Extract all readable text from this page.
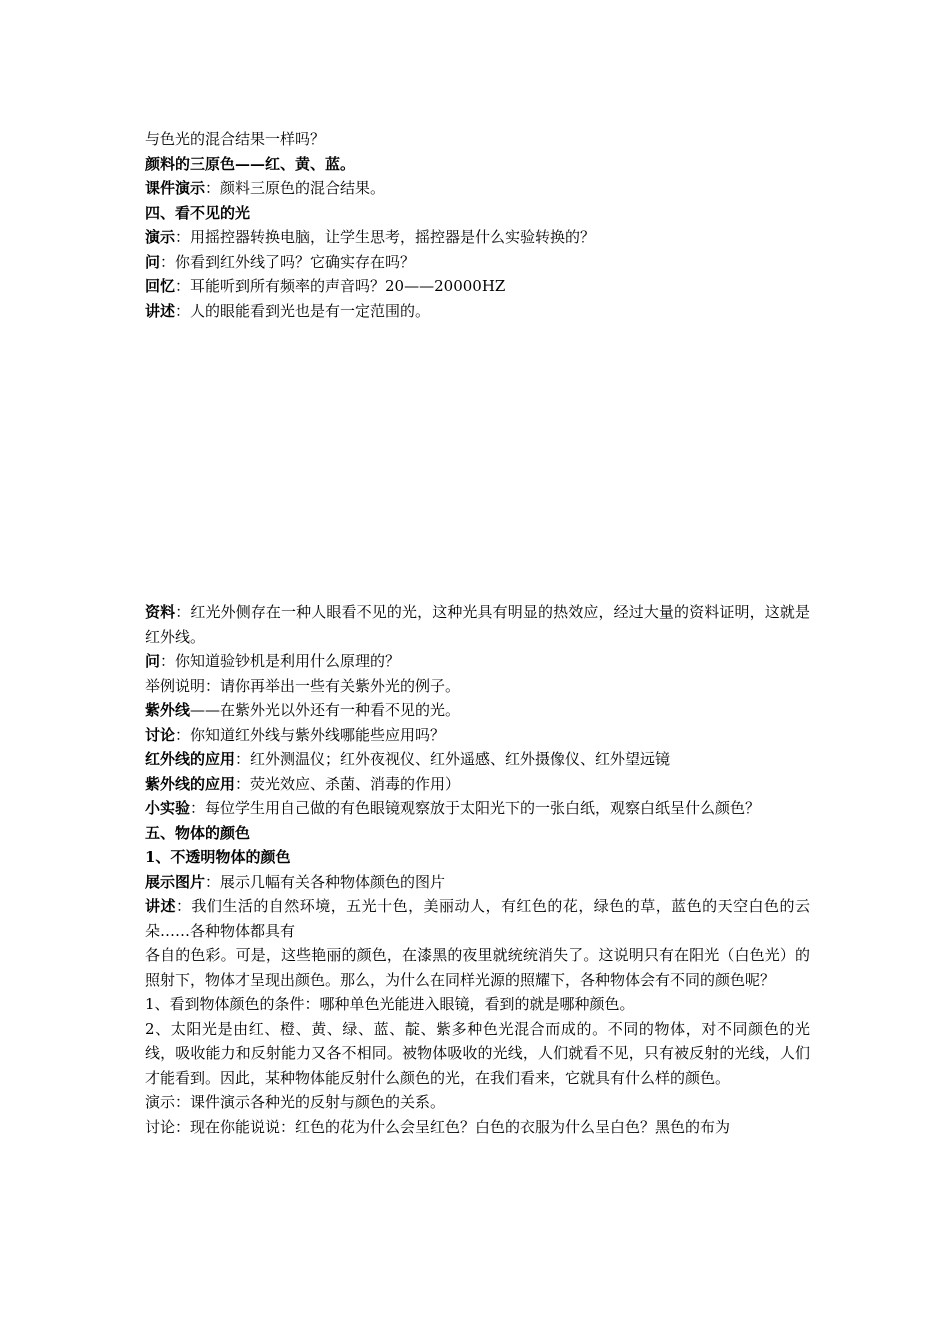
与色光的混合结果一样吗？

颜料的三原色——红、黄、蓝。

课件演示：颜料三原色的混合结果。

四、看不见的光

演示：用摇控器转换电脑，让学生思考，摇控器是什么实验转换的？

问：你看到红外线了吗？它确实存在吗？

回忆：耳能听到所有频率的声音吗？20——20000HZ

讲述：人的眼能看到光也是有一定范围的。

资料：红光外侧存在一种人眼看不见的光，这种光具有明显的热效应，经过大量的资料证明，这就是红外线。

问：你知道验钞机是利用什么原理的？

举例说明：请你再举出一些有关紫外光的例子。

紫外线——在紫外光以外还有一种看不见的光。

讨论：你知道红外线与紫外线哪能些应用吗？

红外线的应用：红外测温仪；红外夜视仪、红外遥感、红外摄像仪、红外望远镜

紫外线的应用：荧光效应、杀菌、消毒的作用）

小实验：每位学生用自己做的有色眼镜观察放于太阳光下的一张白纸，观察白纸呈什么颜色？

五、物体的颜色

1、不透明物体的颜色

展示图片：展示几幅有关各种物体颜色的图片

讲述：我们生活的自然环境，五光十色，美丽动人，有红色的花，绿色的草，蓝色的天空白色的云朵……各种物体都具有

各自的色彩。可是，这些艳丽的颜色，在漆黑的夜里就统统消失了。这说明只有在阳光（白色光）的照射下，物体才呈现出颜色。那么，为什么在同样光源的照耀下，各种物体会有不同的颜色呢？

1、看到物体颜色的条件：哪种单色光能进入眼镜，看到的就是哪种颜色。

2、太阳光是由红、橙、黄、绿、蓝、靛、紫多种色光混合而成的。不同的物体，对不同颜色的光线，吸收能力和反射能力又各不相同。被物体吸收的光线，人们就看不见，只有被反射的光线，人们才能看到。因此，某种物体能反射什么颜色的光，在我们看来，它就具有什么样的颜色。

演示：课件演示各种光的反射与颜色的关系。

讨论：现在你能说说：红色的花为什么会呈红色？白色的衣服为什么呈白色？黑色的布为
